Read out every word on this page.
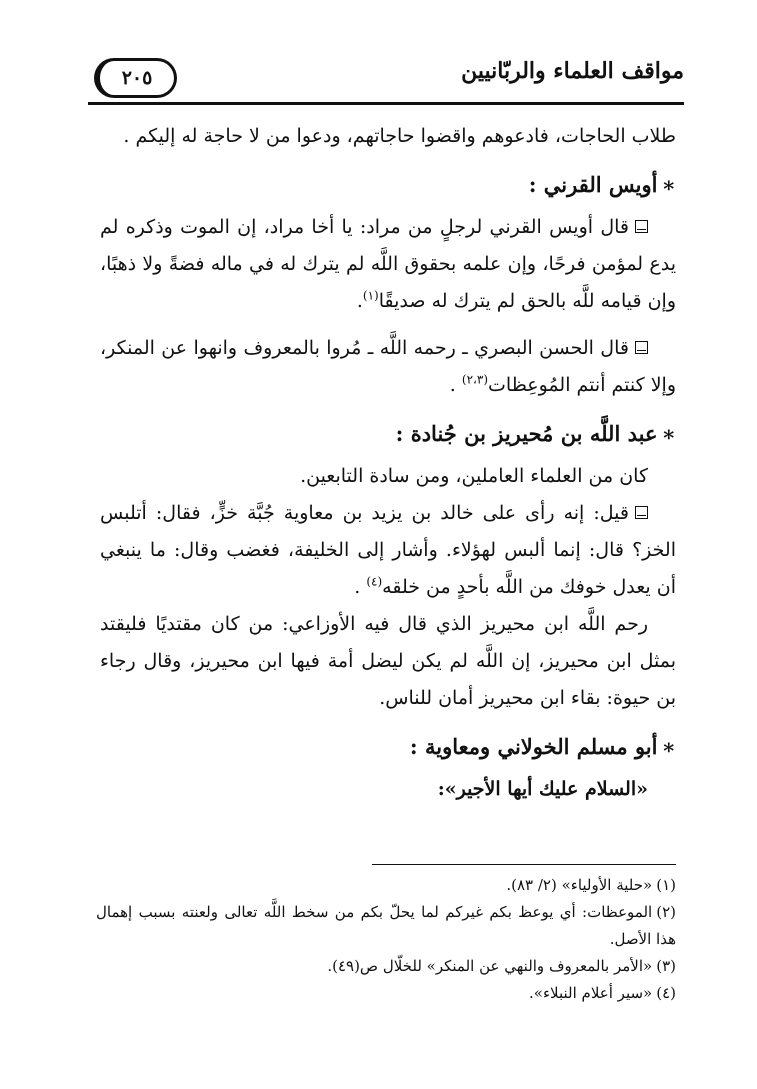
٢٠٥	مواقف العلماء والربّانيين

طلاب الحاجات، فادعوهم واقضوا حاجاتهم، ودعوا من لا حاجة له إليكم .

∗أويس القرني :

قال أويس القرني لرجلٍ من مراد: يا أخا مراد، إن الموت وذكره لم يدع لمؤمن فرحًا، وإن علمه بحقوق اللَّه لم يترك له في ماله فضةً ولا ذهبًا، وإن قيامه للَّه بالحق لم يترك له صديقًا$^{(١)}$.

قال الحسن البصري ـ رحمه اللَّه ـ مُروا بالمعروف وانهوا عن المنكر، وإلا كنتم أنتم المُوعِظات$^{(٢،٣)}$ .

∗عبد اللَّه بن مُحيريز بن جُنادة :

كان من العلماء العاملين، ومن سادة التابعين.

قيل: إنه رأى على خالد بن يزيد بن معاوية جُبَّة خزٍّ، فقال: أتلبس الخز؟ قال: إنما ألبس لهؤلاء. وأشار إلى الخليفة، فغضب وقال: ما ينبغي أن يعدل خوفك من اللَّه بأحدٍ من خلقه$^{(٤)}$ .

رحم اللَّه ابن محيريز الذي قال فيه الأوزاعي: من كان مقتديًا فليقتد بمثل ابن محيريز، إن اللَّه لم يكن ليضل أمة فيها ابن محيريز، وقال رجاء بن حيوة: بقاء ابن محيريز أمان للناس.

∗أبو مسلم الخولاني ومعاوية :

«السلام عليك أيها الأجير»:

(١)«حلية الأولياء» (٢/ ٨٣).

(٢)الموعظات: أي يوعظ بكم غيركم لما يحلّ بكم من سخط اللَّه تعالى ولعنته بسبب إهمال هذا الأصل.

(٣)«الأمر بالمعروف والنهي عن المنكر» للخلّال ص(٤٩).

(٤)«سير أعلام النبلاء».
